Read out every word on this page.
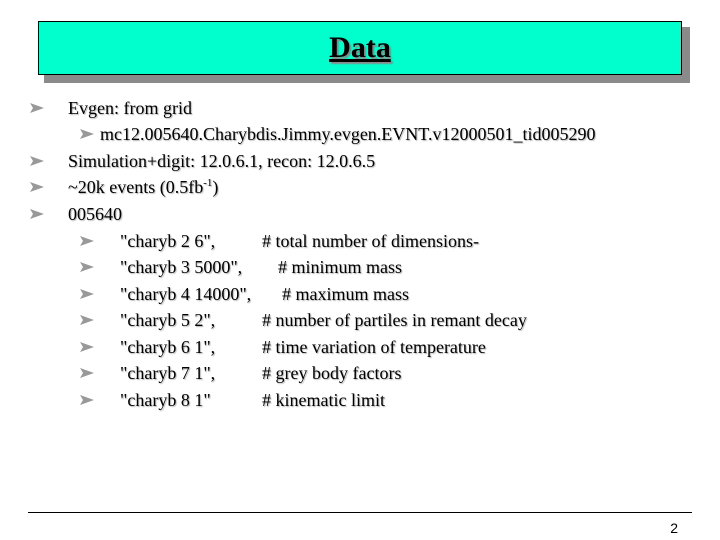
Data
Evgen: from grid
mc12.005640.Charybdis.Jimmy.evgen.EVNT.v12000501_tid005290
Simulation+digit: 12.0.6.1, recon: 12.0.6.5
~20k events $(0.5fb^{-1})$
005640
"charyb 2 6",	# total number of dimensions-
"charyb 3 5000", # minimum mass
"charyb 4 14000", # maximum mass
"charyb 5 2",	# number of partiles in remant decay
"charyb 6 1",	# time variation of temperature
"charyb 7 1",	# grey body factors
"charyb 8 1"	# kinematic limit
2
